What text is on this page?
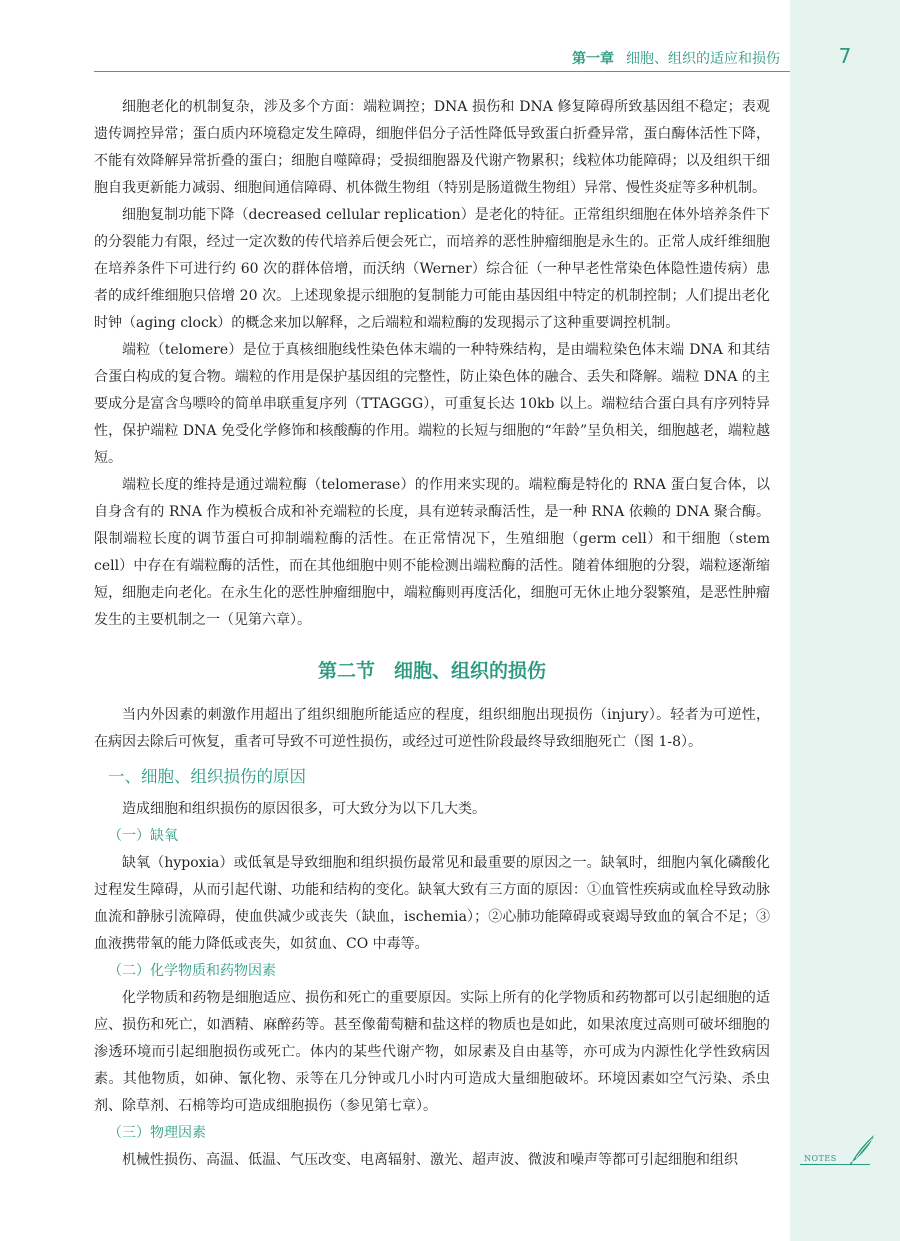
第一章 细胞、组织的适应和损伤	7

细胞老化的机制复杂，涉及多个方面：端粒调控；DNA 损伤和 DNA 修复障碍所致基因组不稳定；表观遗传调控异常；蛋白质内环境稳定发生障碍，细胞伴侣分子活性降低导致蛋白折叠异常，蛋白酶体活性下降，不能有效降解异常折叠的蛋白；细胞自噬障碍；受损细胞器及代谢产物累积；线粒体功能障碍；以及组织干细胞自我更新能力减弱、细胞间通信障碍、机体微生物组（特别是肠道微生物组）异常、慢性炎症等多种机制。

细胞复制功能下降（decreased cellular replication）是老化的特征。正常组织细胞在体外培养条件下的分裂能力有限，经过一定次数的传代培养后便会死亡，而培养的恶性肿瘤细胞是永生的。正常人成纤维细胞在培养条件下可进行约 60 次的群体倍增，而沃纳（Werner）综合征（一种早老性常染色体隐性遗传病）患者的成纤维细胞只倍增 20 次。上述现象提示细胞的复制能力可能由基因组中特定的机制控制；人们提出老化时钟（aging clock）的概念来加以解释，之后端粒和端粒酶的发现揭示了这种重要调控机制。

端粒（telomere）是位于真核细胞线性染色体末端的一种特殊结构，是由端粒染色体末端 DNA 和其结合蛋白构成的复合物。端粒的作用是保护基因组的完整性，防止染色体的融合、丢失和降解。端粒 DNA 的主要成分是富含鸟嘌呤的简单串联重复序列（TTAGGG），可重复长达 10kb 以上。端粒结合蛋白具有序列特异性，保护端粒 DNA 免受化学修饰和核酸酶的作用。端粒的长短与细胞的“年龄”呈负相关，细胞越老，端粒越短。

端粒长度的维持是通过端粒酶（telomerase）的作用来实现的。端粒酶是特化的 RNA 蛋白复合体，以自身含有的 RNA 作为模板合成和补充端粒的长度，具有逆转录酶活性，是一种 RNA 依赖的 DNA 聚合酶。限制端粒长度的调节蛋白可抑制端粒酶的活性。在正常情况下，生殖细胞（germ cell）和干细胞（stem cell）中存在有端粒酶的活性，而在其他细胞中则不能检测出端粒酶的活性。随着体细胞的分裂，端粒逐渐缩短，细胞走向老化。在永生化的恶性肿瘤细胞中，端粒酶则再度活化，细胞可无休止地分裂繁殖，是恶性肿瘤发生的主要机制之一（见第六章）。

第二节　细胞、组织的损伤

当内外因素的刺激作用超出了组织细胞所能适应的程度，组织细胞出现损伤（injury）。轻者为可逆性，在病因去除后可恢复，重者可导致不可逆性损伤，或经过可逆性阶段最终导致细胞死亡（图 1-8）。

一、细胞、组织损伤的原因

造成细胞和组织损伤的原因很多，可大致分为以下几大类。

（一）缺氧

缺氧（hypoxia）或低氧是导致细胞和组织损伤最常见和最重要的原因之一。缺氧时，细胞内氧化磷酸化过程发生障碍，从而引起代谢、功能和结构的变化。缺氧大致有三方面的原因：①血管性疾病或血栓导致动脉血流和静脉引流障碍，使血供减少或丧失（缺血，ischemia）；②心肺功能障碍或衰竭导致血的氧合不足；③血液携带氧的能力降低或丧失，如贫血、CO 中毒等。

（二）化学物质和药物因素

化学物质和药物是细胞适应、损伤和死亡的重要原因。实际上所有的化学物质和药物都可以引起细胞的适应、损伤和死亡，如酒精、麻醉药等。甚至像葡萄糖和盐这样的物质也是如此，如果浓度过高则可破坏细胞的渗透环境而引起细胞损伤或死亡。体内的某些代谢产物，如尿素及自由基等，亦可成为内源性化学性致病因素。其他物质，如砷、氰化物、汞等在几分钟或几小时内可造成大量细胞破坏。环境因素如空气污染、杀虫剂、除草剂、石棉等均可造成细胞损伤（参见第七章）。

（三）物理因素

机械性损伤、高温、低温、气压改变、电离辐射、激光、超声波、微波和噪声等都可引起细胞和组织	NOTES
